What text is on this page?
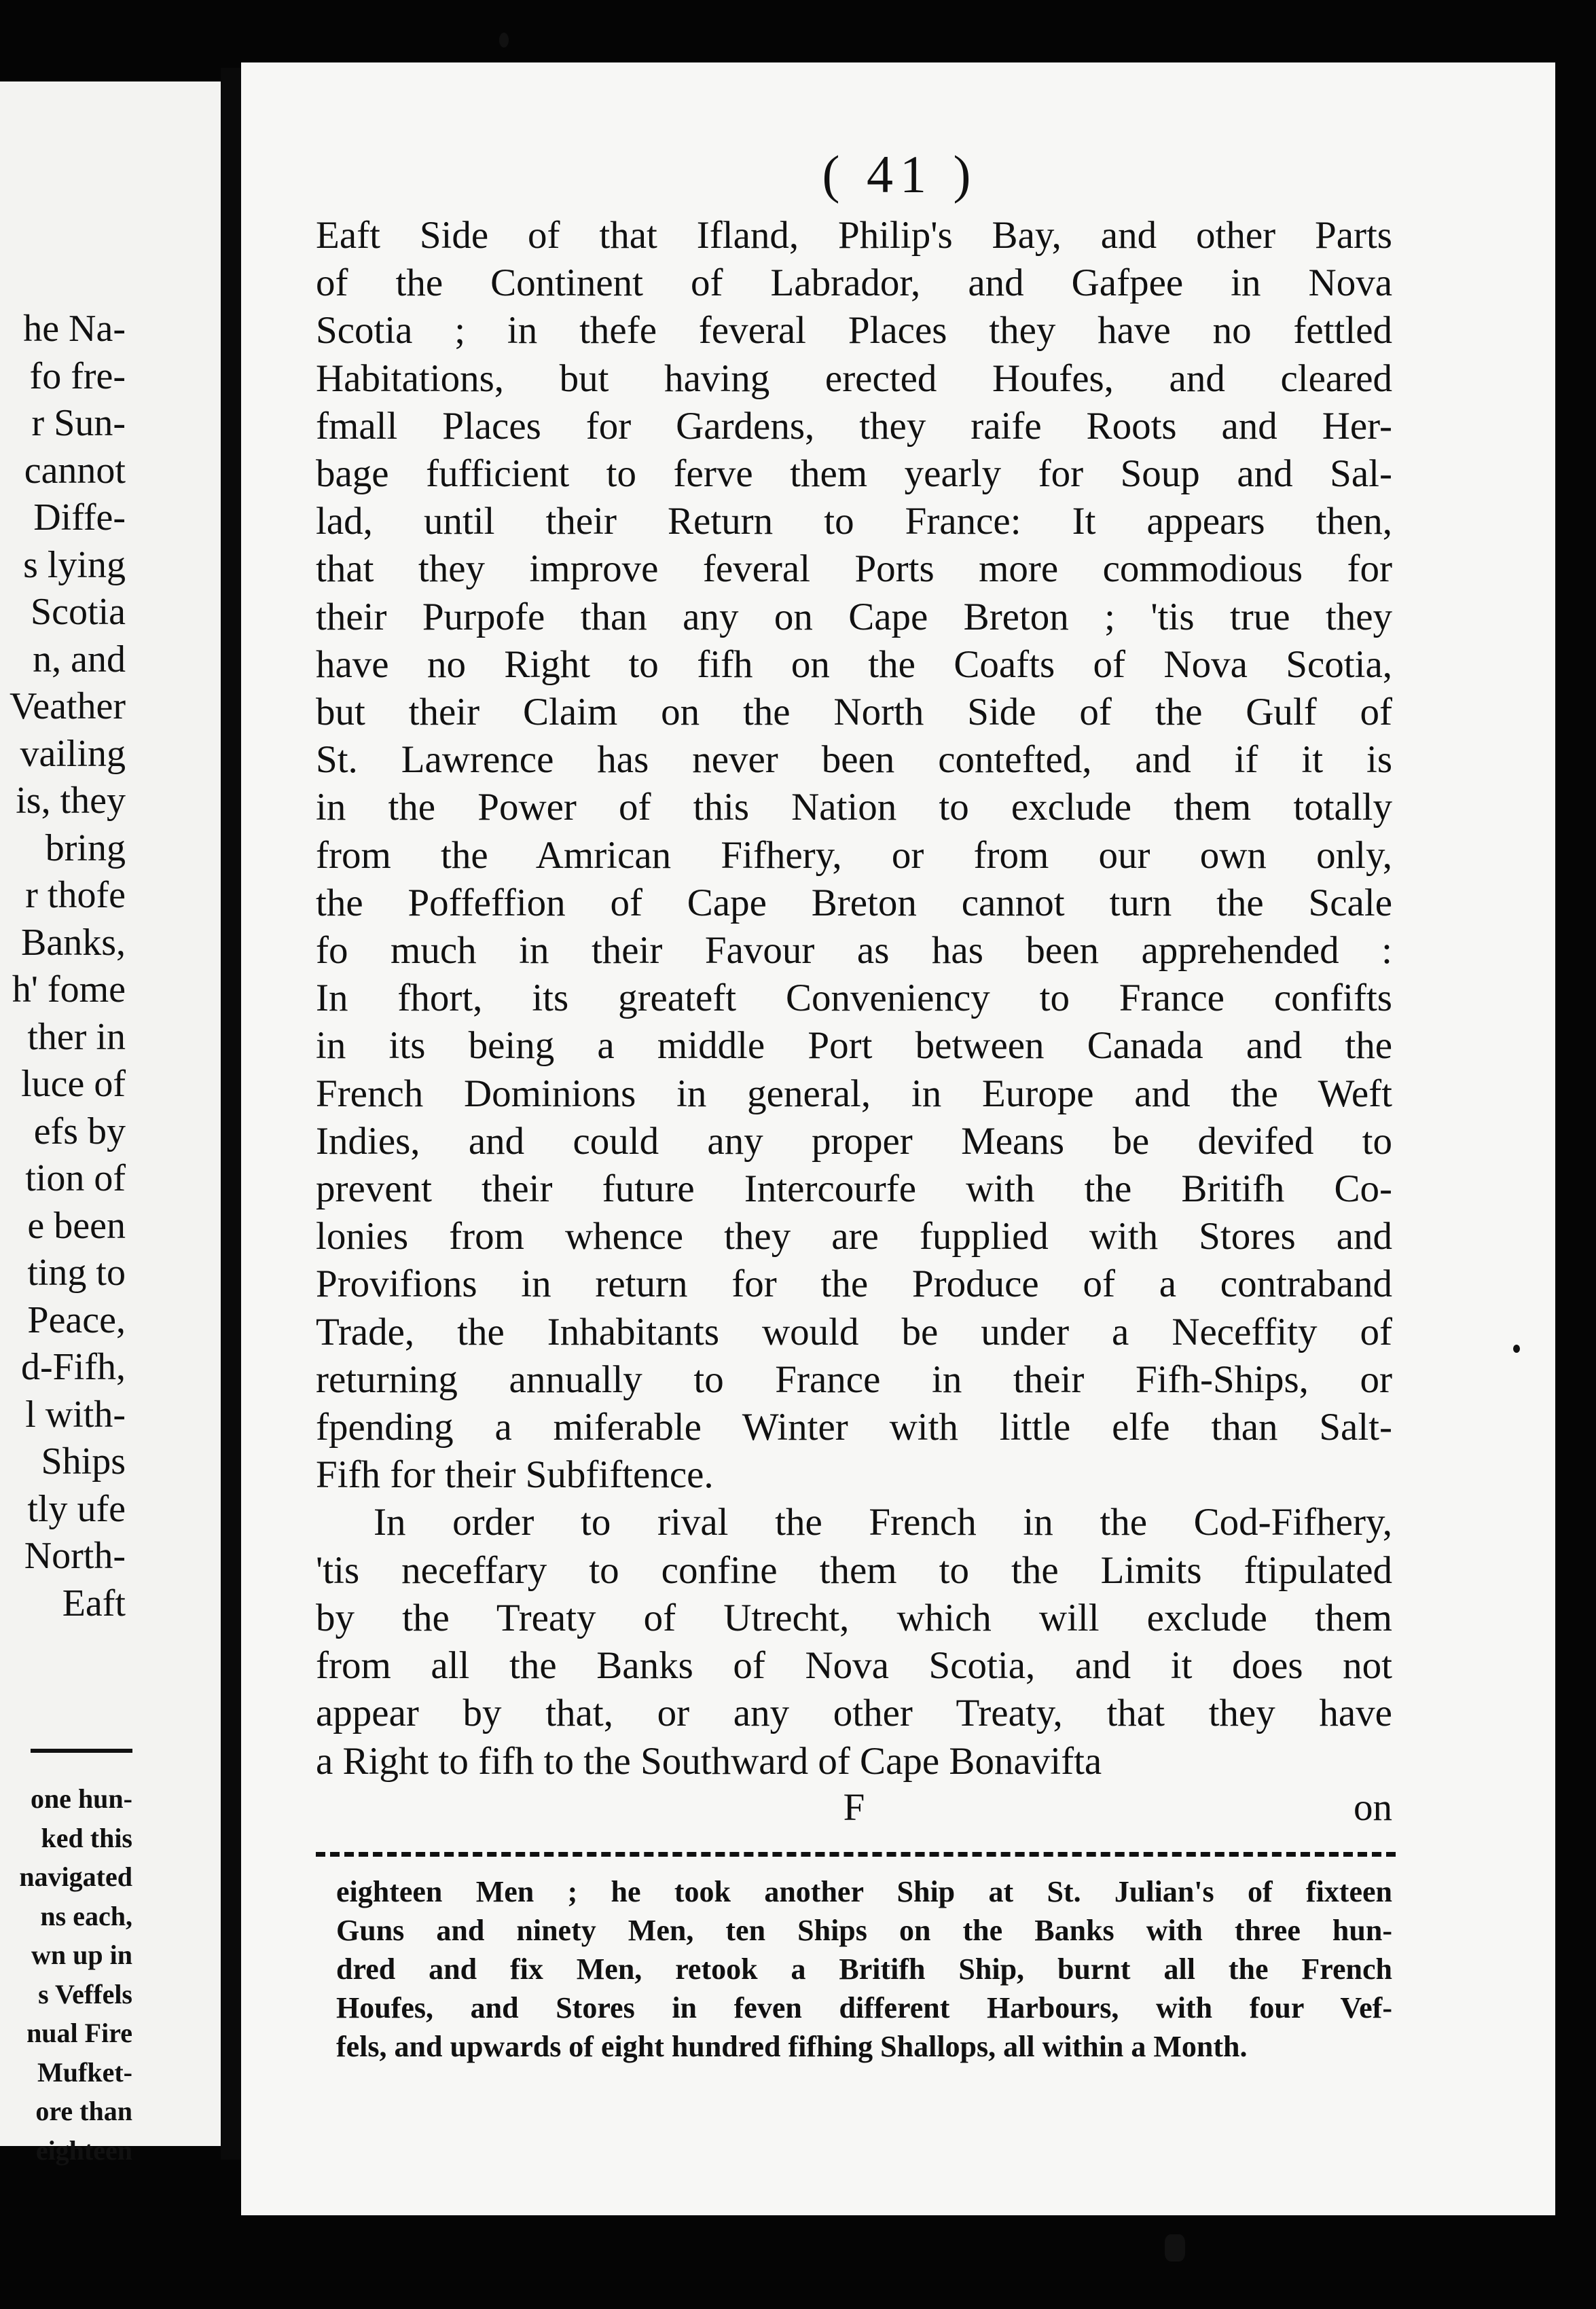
he Na-
fo fre-
r Sun-
cannot
Diffe-
s lying
Scotia
n, and
Veather
vailing
is, they
bring
r thofe
Banks,
h' fome
ther in
luce of
efs by
tion of
e been
ting to
Peace,
d-Fifh,
l with-
Ships
tly ufe
North-
Eaft
one hun-
ked this
navigated
ns each,
wn up in
s Veffels
nual Fire
Mufket-
ore than
eighteen
( 41 )
Eaft Side of that Ifland, Philip's Bay, and other Parts
of the Continent of Labrador, and Gafpee in Nova
Scotia ; in thefe feveral Places they have no fettled
Habitations, but having erected Houfes, and cleared
fmall Places for Gardens, they raife Roots and Her-
bage fufficient to ferve them yearly for Soup and Sal-
lad, until their Return to France: It appears then,
that they improve feveral Ports more commodious for
their Purpofe than any on Cape Breton ; 'tis true they
have no Right to fifh on the Coafts of Nova Scotia,
but their Claim on the North Side of the Gulf of
St. Lawrence has never been contefted, and if it is
in the Power of this Nation to exclude them totally
from the Amrican Fifhery, or from our own only,
the Poffeffion of Cape Breton cannot turn the Scale
fo much in their Favour as has been apprehended :
In fhort, its greateft Conveniency to France confifts
in its being a middle Port between Canada and the
French Dominions in general, in Europe and the Weft
Indies, and could any proper Means be devifed to
prevent their future Intercourfe with the Britifh Co-
lonies from whence they are fupplied with Stores and
Provifions in return for the Produce of a contraband
Trade, the Inhabitants would be under a Neceffity of
returning annually to France in their Fifh-Ships, or
fpending a miferable Winter with little elfe than Salt-
Fifh for their Subfiftence.
In order to rival the French in the Cod-Fifhery,
'tis neceffary to confine them to the Limits ftipulated
by the Treaty of Utrecht, which will exclude them
from all the Banks of Nova Scotia, and it does not
appear by that, or any other Treaty, that they have
a Right to fifh to the Southward of Cape Bonavifta
F	on
eighteen Men ; he took another Ship at St. Julian's of fixteen
Guns and ninety Men, ten Ships on the Banks with three hun-
dred and fix Men, retook a Britifh Ship, burnt all the French
Houfes, and Stores in feven different Harbours, with four Vef-
fels, and upwards of eight hundred fifhing Shallops, all within a Month.
